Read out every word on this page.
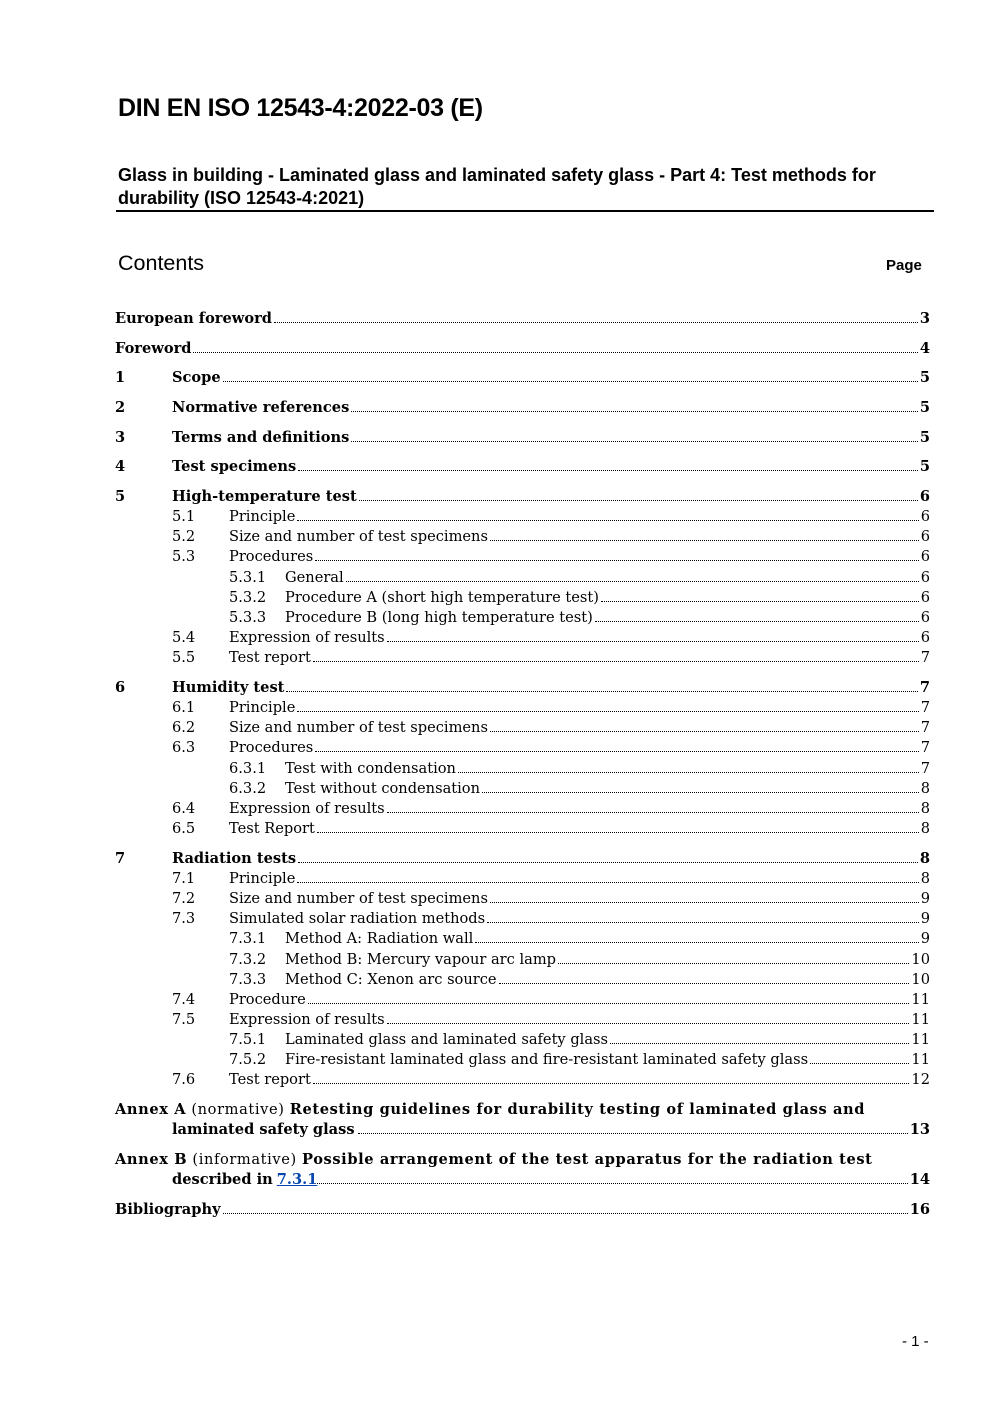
DIN EN ISO 12543-4:2022-03 (E)
Glass in building - Laminated glass and laminated safety glass - Part 4: Test methods for durability (ISO 12543-4:2021)
Contents	Page
European foreword	3
Foreword	4
1	Scope	5
2	Normative references	5
3	Terms and definitions	5
4	Test specimens	5
5	High-temperature test	6
5.1 Principle	6
5.2 Size and number of test specimens	6
5.3 Procedures	6
5.3.1 General	6
5.3.2 Procedure A (short high temperature test)	6
5.3.3 Procedure B (long high temperature test)	6
5.4 Expression of results	6
5.5 Test report	7
6	Humidity test	7
6.1 Principle	7
6.2 Size and number of test specimens	7
6.3 Procedures	7
6.3.1 Test with condensation	7
6.3.2 Test without condensation	8
6.4 Expression of results	8
6.5 Test Report	8
7	Radiation tests	8
7.1 Principle	8
7.2 Size and number of test specimens	9
7.3 Simulated solar radiation methods	9
7.3.1 Method A: Radiation wall	9
7.3.2 Method B: Mercury vapour arc lamp	10
7.3.3 Method C: Xenon arc source	10
7.4 Procedure	11
7.5 Expression of results	11
7.5.1 Laminated glass and laminated safety glass	11
7.5.2 Fire-resistant laminated glass and fire-resistant laminated safety glass	11
7.6 Test report	12
Bibliography	16
Annex A (normative) Retesting guidelines for durability testing of laminated glass and
laminated safety glass	13
Annex B (informative) Possible arrangement of the test apparatus for the radiation test
described in 7.3.1	14
- 1 -
